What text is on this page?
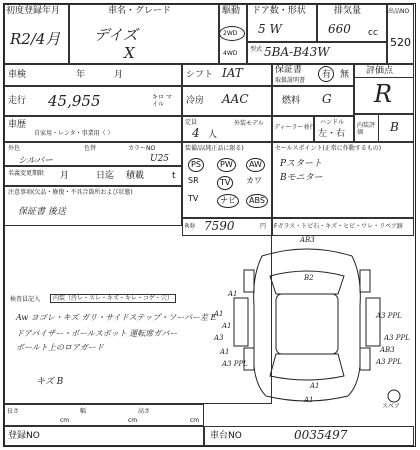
初度登録年月
R2/4月
車名・グレード
デイズ
X
駆動
2WD
4WD
ドア数・形状
5 W
排気量
660 cc
型式 5BA-B43W
出品NO
520
車検	年	月	シフト IAT	保証書
取扱説明書
有 無 評価点
R
走行 45,955	キロ マイル	冷房 AAC	燃料 G
車歴
自家用・レンタ・事業用（ ）
定員
4 人
外装モデル
ディーラー並行
ハンドル
左・右
内装評価	B
外色
シルバー
色替	カラーNO
U25
名義変更期限 月	日迄 積載	t
装備品(純正品に限る)
PS	PW	AW
SR	TV	カワ
TV	ナビ	ABS
セールスポイント(正常に作動するもの)
Pスタート
Bモニター
注意事項(欠品・修復・不具合箇所および状態)
保証書 後送
R券 7590	円 Fガラス・トビ石・キズ・ヒビ・ワレ・リペア跡
検査員記入	内装（汚レ・スレ・キズ・キレ・コゲ・穴）
Aw ヨゴレ・キズ ガリ・サイドステップ・ソーバー差 E
ドアバイザー・ポールスポット 運転席ガバー
ボールト上のロアガード
キズ B
AB3
B2
A1
A1
A3
A1
A3 PPL
A3 PPL
A3 PPL
AB3
A3 PPL
A1
A1
A1
スペア
長さ
cm
幅
cm
高さ
cm
登録NO	車台NO	0035497
